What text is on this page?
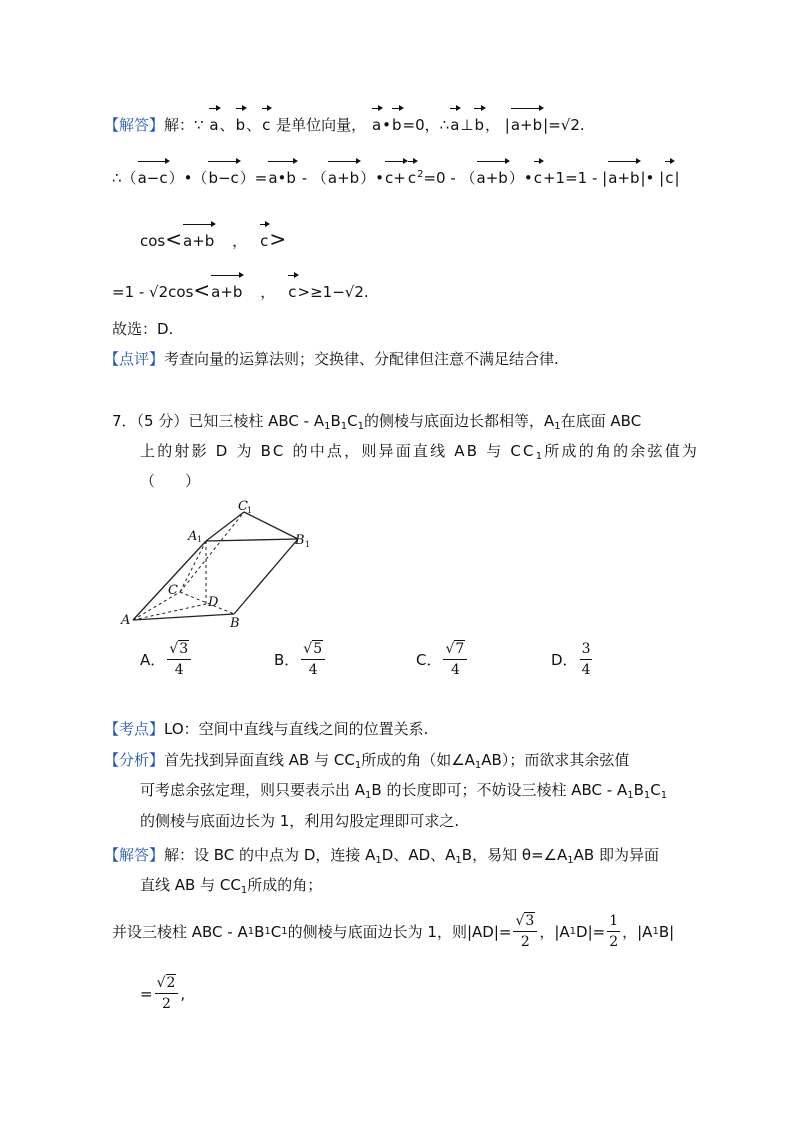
【解答】解：∵ a、
b、
c 是单位向量， a•
b=0，∴
a⊥
b， |
a+b|=√2.
∴（
a−c）•（
b−c）=
a•b - （
a+b）•
$c+ c^2=0$ - （
a+b）•
c+1=1 - |
a+b|• |
c|
cos<
a+b ， c>
=1 - √2cos<
a+b ， c>≥1−√2.
故选：D.
【点评】考查向量的运算法则；交换律、分配律但注意不满足结合律.
7．（5 分）已知三棱柱 ABC - $A_1B_1C_1$的侧棱与底面边长都相等，$A_1$在底面 ABC
上的射影 D 为 BC 的中点，则异面直线 AB 与 $CC_1$所成的角的余弦值为
（　　）
A	B
C
D
A	B
C
1
1
1
A． $\frac{√3}{4}$	B． $\frac{√5}{4}$	C． $\frac{√7}{4}$	D． $\frac{3}{4}$
【考点】LO：空间中直线与直线之间的位置关系.
【分析】首先找到异面直线 AB 与 $CC_1$所成的角（如$\angle A_1AB$）；而欲求其余弦值
可考虑余弦定理，则只要表示出 $A_1B$ 的长度即可；不妨设三棱柱 ABC - $A_1B_1C_1$
的侧棱与底面边长为 1，利用勾股定理即可求之.
【解答】解：设 BC 的中点为 D，连接 $A_1D$、AD、$A_1B$，易知 $\theta=\angle A_1AB$ 即为异面
直线 AB 与 $CC_1$所成的角；
并设三棱柱 ABC - A 1 B 1 C 1 的侧棱与底面边长为 1，则$|AD|= \frac{√3}{2}$ ，|A 1 $D|= \frac{1}{2}$ ，|A 1 B|
= $\frac{√2}{2}$ ,
